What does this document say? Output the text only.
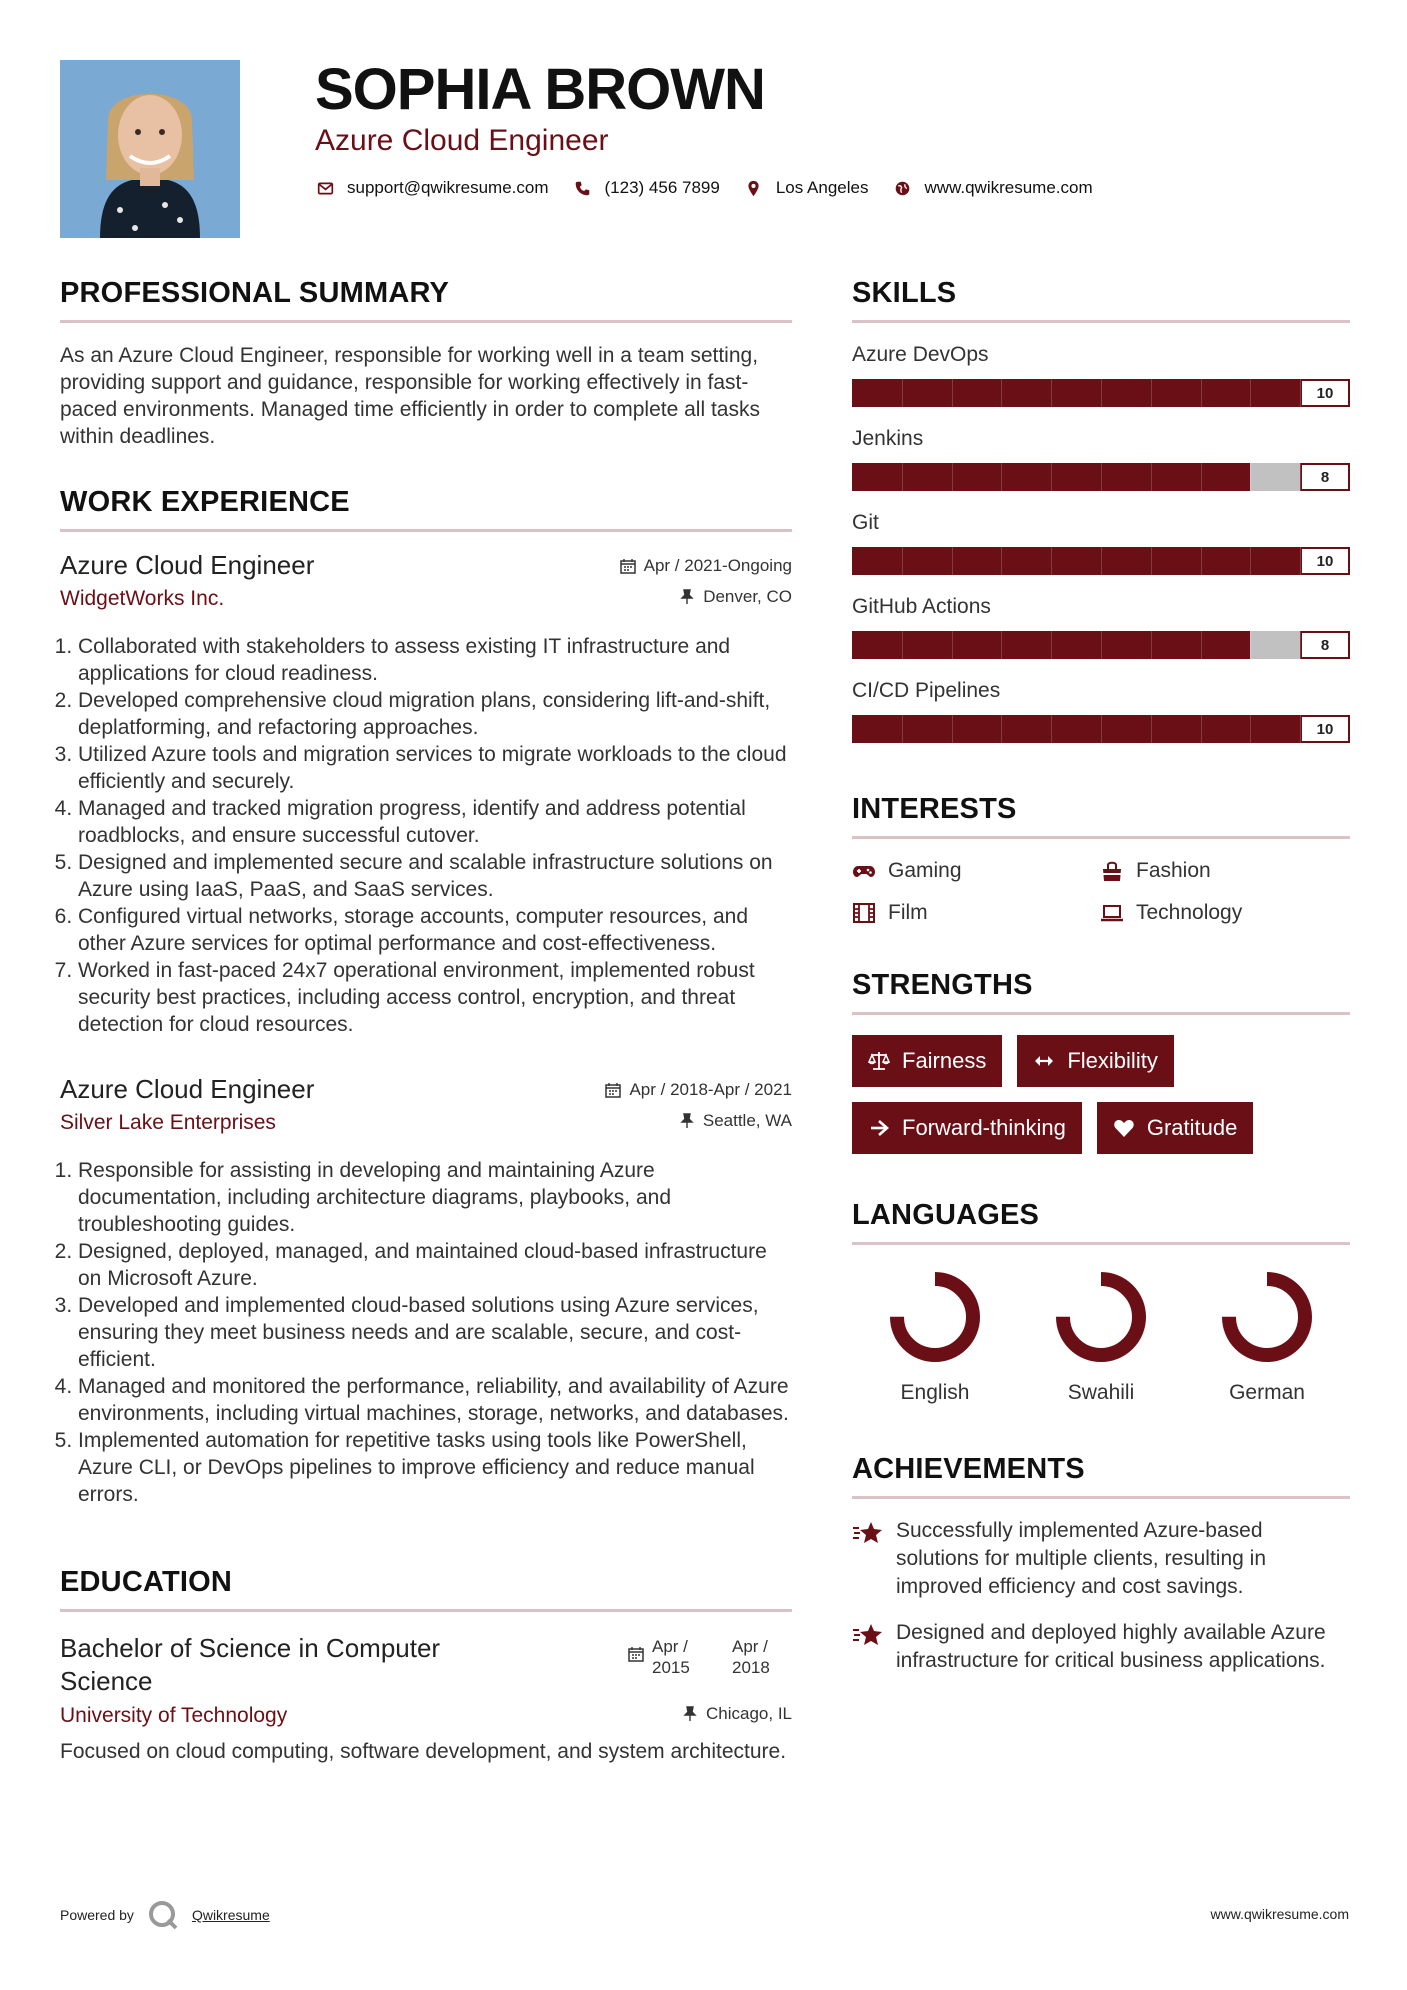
SOPHIA BROWN
Azure Cloud Engineer
support@qwikresume.com	(123) 456 7899	Los Angeles	www.qwikresume.com
PROFESSIONAL SUMMARY
As an Azure Cloud Engineer, responsible for working well in a team setting, providing support and guidance, responsible for working effectively in fast-paced environments. Managed time efficiently in order to complete all tasks within deadlines.
WORK EXPERIENCE
Azure Cloud Engineer	Apr / 2021-Ongoing
WidgetWorks Inc.	Denver, CO
1. Collaborated with stakeholders to assess existing IT infrastructure and applications for cloud readiness.
2. Developed comprehensive cloud migration plans, considering lift-and-shift, deplatforming, and refactoring approaches.
3. Utilized Azure tools and migration services to migrate workloads to the cloud efficiently and securely.
4. Managed and tracked migration progress, identify and address potential roadblocks, and ensure successful cutover.
5. Designed and implemented secure and scalable infrastructure solutions on Azure using IaaS, PaaS, and SaaS services.
6. Configured virtual networks, storage accounts, computer resources, and other Azure services for optimal performance and cost-effectiveness.
7. Worked in fast-paced 24x7 operational environment, implemented robust security best practices, including access control, encryption, and threat detection for cloud resources.
Azure Cloud Engineer	Apr / 2018-Apr / 2021
Silver Lake Enterprises	Seattle, WA
1. Responsible for assisting in developing and maintaining Azure documentation, including architecture diagrams, playbooks, and troubleshooting guides.
2. Designed, deployed, managed, and maintained cloud-based infrastructure on Microsoft Azure.
3. Developed and implemented cloud-based solutions using Azure services, ensuring they meet business needs and are scalable, secure, and cost-efficient.
4. Managed and monitored the performance, reliability, and availability of Azure environments, including virtual machines, storage, networks, and databases.
5. Implemented automation for repetitive tasks using tools like PowerShell, Azure CLI, or DevOps pipelines to improve efficiency and reduce manual errors.
EDUCATION
Bachelor of Science in Computer Science
Apr / 2015
Apr / 2018
University of Technology	Chicago, IL
Focused on cloud computing, software development, and system architecture.
SKILLS
Azure DevOps
10
Jenkins
8
Git
10
GitHub Actions
8
CI/CD Pipelines
10
INTERESTS
Gaming	Fashion
Film	Technology
STRENGTHS
Fairness	Flexibility
Forward-thinking	Gratitude
LANGUAGES
English	Swahili	German
ACHIEVEMENTS
Successfully implemented Azure-based solutions for multiple clients, resulting in improved efficiency and cost savings.
Designed and deployed highly available Azure infrastructure for critical business applications.
Powered by	Qwikresume	www.qwikresume.com
